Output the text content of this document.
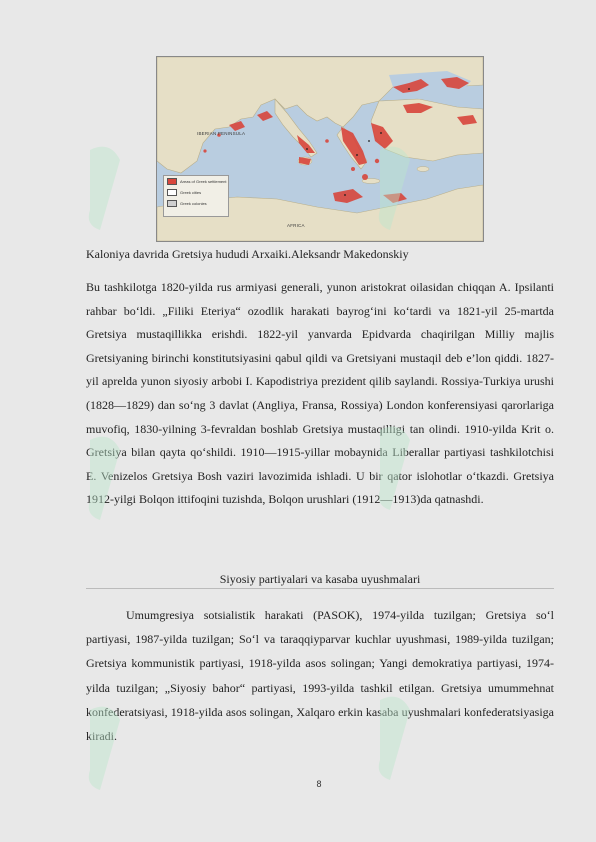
IBERIAN PENINSULA
AFRICA
Areas of Greek settlement
Greek cities
Greek colonies
Kaloniya davrida Gretsiya hududi Arxaiki.Aleksandr Makedonskiy

Bu tashkilotga 1820-yilda rus armiyasi generali, yunon aristokrat oilasidan chiqqan A. Ipsilanti rahbar bo‘ldi. „Filiki Eteriya“ ozodlik harakati bayrog‘ini ko‘tardi va 1821-yil 25-martda Gretsiya mustaqillikka erishdi. 1822-yil yanvarda Epidvarda chaqirilgan Milliy majlis Gretsiyaning birinchi konstitutsiyasini qabul qildi va Gretsiyani mustaqil deb e’lon qiddi. 1827-yil aprelda yunon siyosiy arbobi I. Kapodistriya prezident qilib saylandi. Rossiya-Turkiya urushi (1828—1829) dan so‘ng 3 davlat (Angliya, Fransa, Rossiya) London konferensiyasi qarorlariga muvofiq, 1830-yilning 3-fevraldan boshlab Gretsiya mustaqilligi tan olindi. 1910-yilda Krit o. Gretsiya bilan qayta qo‘shildi. 1910—1915-yillar mobaynida Liberallar partiyasi tashkilotchisi E. Venizelos Gretsiya Bosh vaziri lavozimida ishladi. U bir qator islohotlar o‘tkazdi. Gretsiya 1912-yilgi Bolqon ittifoqini tuzishda, Bolqon urushlari (1912—1913)da qatnashdi.

Siyosiy partiyalari va kasaba uyushmalari

Umumgresiya sotsialistik harakati (PASOK), 1974-yilda tuzilgan; Gretsiya so‘l partiyasi, 1987-yilda tuzilgan; So‘l va taraqqiyparvar kuchlar uyushmasi, 1989-yilda tuzilgan; Gretsiya kommunistik partiyasi, 1918-yilda asos solingan; Yangi demokratiya partiyasi, 1974-yilda tuzilgan; „Siyosiy bahor“ partiyasi, 1993-yilda tashkil etilgan. Gretsiya umummehnat konfederatsiyasi, 1918-yilda asos solingan, Xalqaro erkin kasaba uyushmalari konfederatsiyasiga kiradi.

8
